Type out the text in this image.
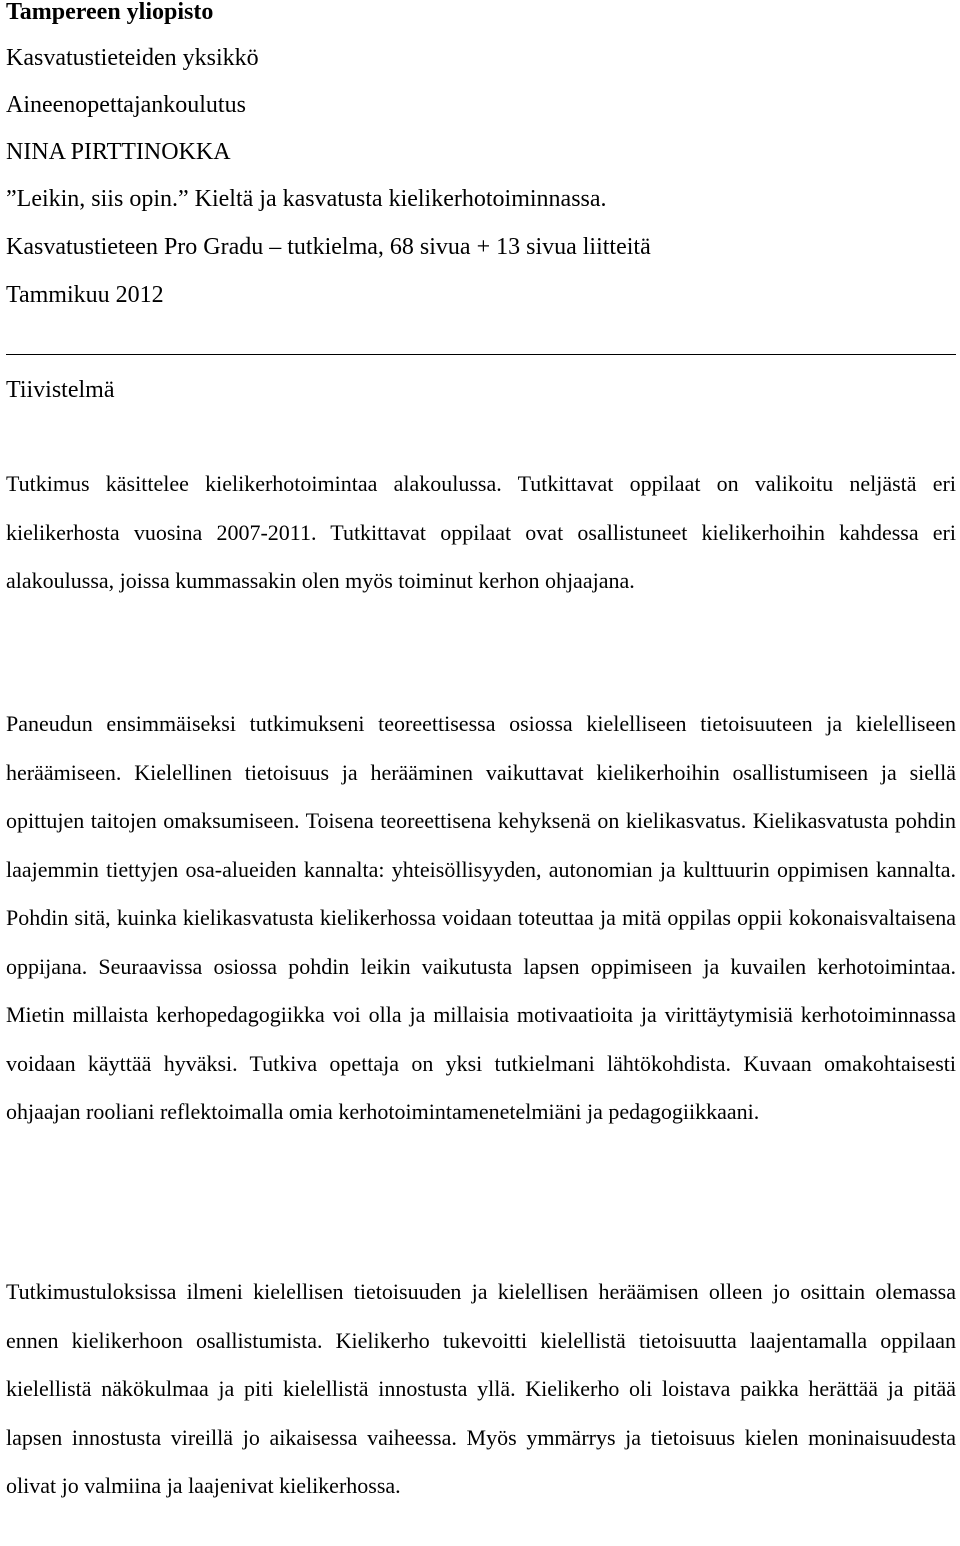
Tampereen yliopisto
Kasvatustieteiden yksikkö
Aineenopettajankoulutus
NINA PIRTTINOKKA
”Leikin, siis opin.” Kieltä ja kasvatusta kielikerhotoiminnassa.
Kasvatustieteen Pro Gradu – tutkielma, 68 sivua + 13 sivua liitteitä
Tammikuu 2012
Tiivistelmä

Tutkimus käsittelee kielikerhotoimintaa alakoulussa. Tutkittavat oppilaat on valikoitu neljästä eri kielikerhosta vuosina 2007-2011. Tutkittavat oppilaat ovat osallistuneet kielikerhoihin kahdessa eri alakoulussa, joissa kummassakin olen myös toiminut kerhon ohjaajana.

Paneudun ensimmäiseksi tutkimukseni teoreettisessa osiossa kielelliseen tietoisuuteen ja kielelliseen heräämiseen. Kielellinen tietoisuus ja herääminen vaikuttavat kielikerhoihin osallistumiseen ja siellä opittujen taitojen omaksumiseen. Toisena teoreettisena kehyksenä on kielikasvatus. Kielikasvatusta pohdin laajemmin tiettyjen osa-alueiden kannalta: yhteisöllisyyden, autonomian ja kulttuurin oppimisen kannalta. Pohdin sitä, kuinka kielikasvatusta kielikerhossa voidaan toteuttaa ja mitä oppilas oppii kokonaisvaltaisena oppijana. Seuraavissa osiossa pohdin leikin vaikutusta lapsen oppimiseen ja kuvailen kerhotoimintaa. Mietin millaista kerhopedagogiikka voi olla ja millaisia motivaatioita ja virittäytymisiä kerhotoiminnassa voidaan käyttää hyväksi. Tutkiva opettaja on yksi tutkielmani lähtökohdista. Kuvaan omakohtaisesti ohjaajan rooliani reflektoimalla omia kerhotoimintamenetelmiäni ja pedagogiikkaani.

Tutkimustuloksissa ilmeni kielellisen tietoisuuden ja kielellisen heräämisen olleen jo osittain olemassa ennen kielikerhoon osallistumista. Kielikerho tukevoitti kielellistä tietoisuutta laajentamalla oppilaan kielellistä näkökulmaa ja piti kielellistä innostusta yllä. Kielikerho oli loistava paikka herättää ja pitää lapsen innostusta vireillä jo aikaisessa vaiheessa. Myös ymmärrys ja tietoisuus kielen moninaisuudesta olivat jo valmiina ja laajenivat kielikerhossa.
